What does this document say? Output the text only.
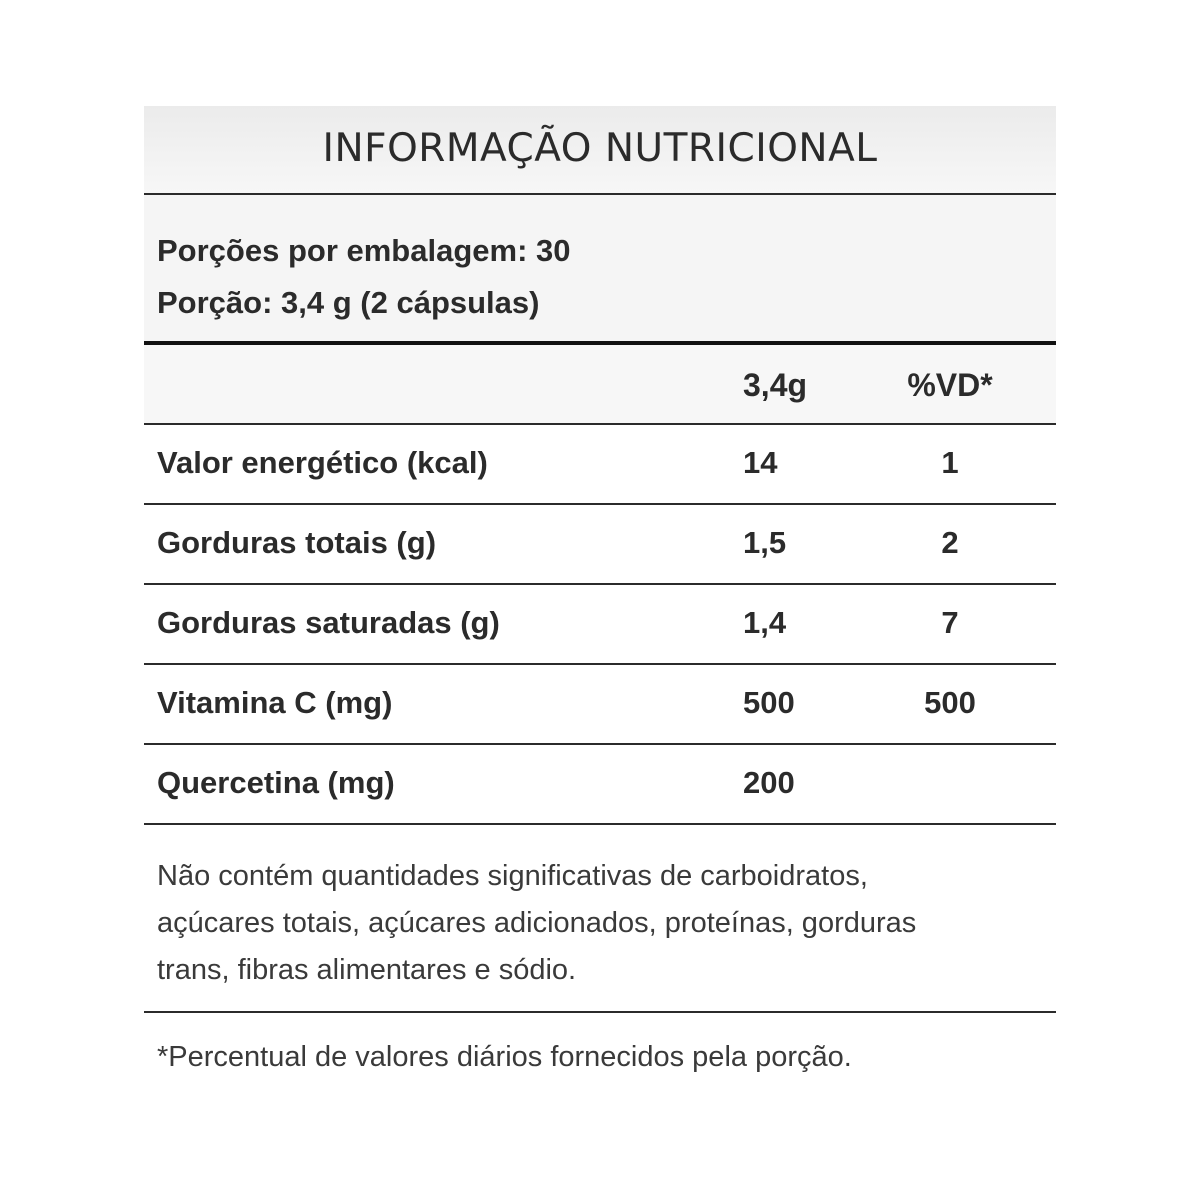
INFORMAÇÃO NUTRICIONAL
Porções por embalagem: 30
Porção: 3,4 g (2 cápsulas)
3,4g	%VD*
Valor energético (kcal)	14	1
Gorduras totais (g)	1,5	2
Gorduras saturadas (g)	1,4	7
Vitamina C (mg)	500	500
Quercetina (mg)	200
Não contém quantidades significativas de carboidratos,
açúcares totais, açúcares adicionados, proteínas, gorduras
trans, fibras alimentares e sódio.
*Percentual de valores diários fornecidos pela porção.
